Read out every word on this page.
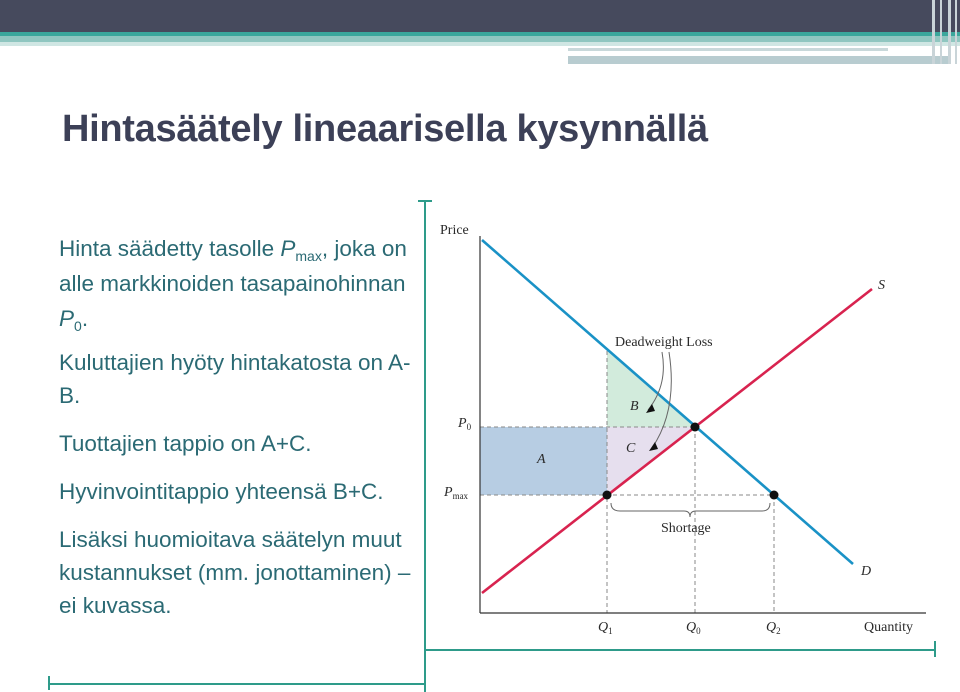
Hintasäätely lineaarisella kysynnällä

Hinta säädetty tasolle $P_{max}$, joka on alle markkinoiden tasapainohinnan $P_0$.

Kuluttajien hyöty hintakatosta on A-B.

Tuottajien tappio on A+C.

Hyvinvointitappio yhteensä B+C.

Lisäksi huomioitava säätelyn muut kustannukset (mm. jonottaminen) – ei kuvassa.

Price
Quantity
S
D
$P_0$
$P_{max}$
$Q_1$	$Q_0$	$Q_2$
A
B
C
Deadweight Loss
Shortage
